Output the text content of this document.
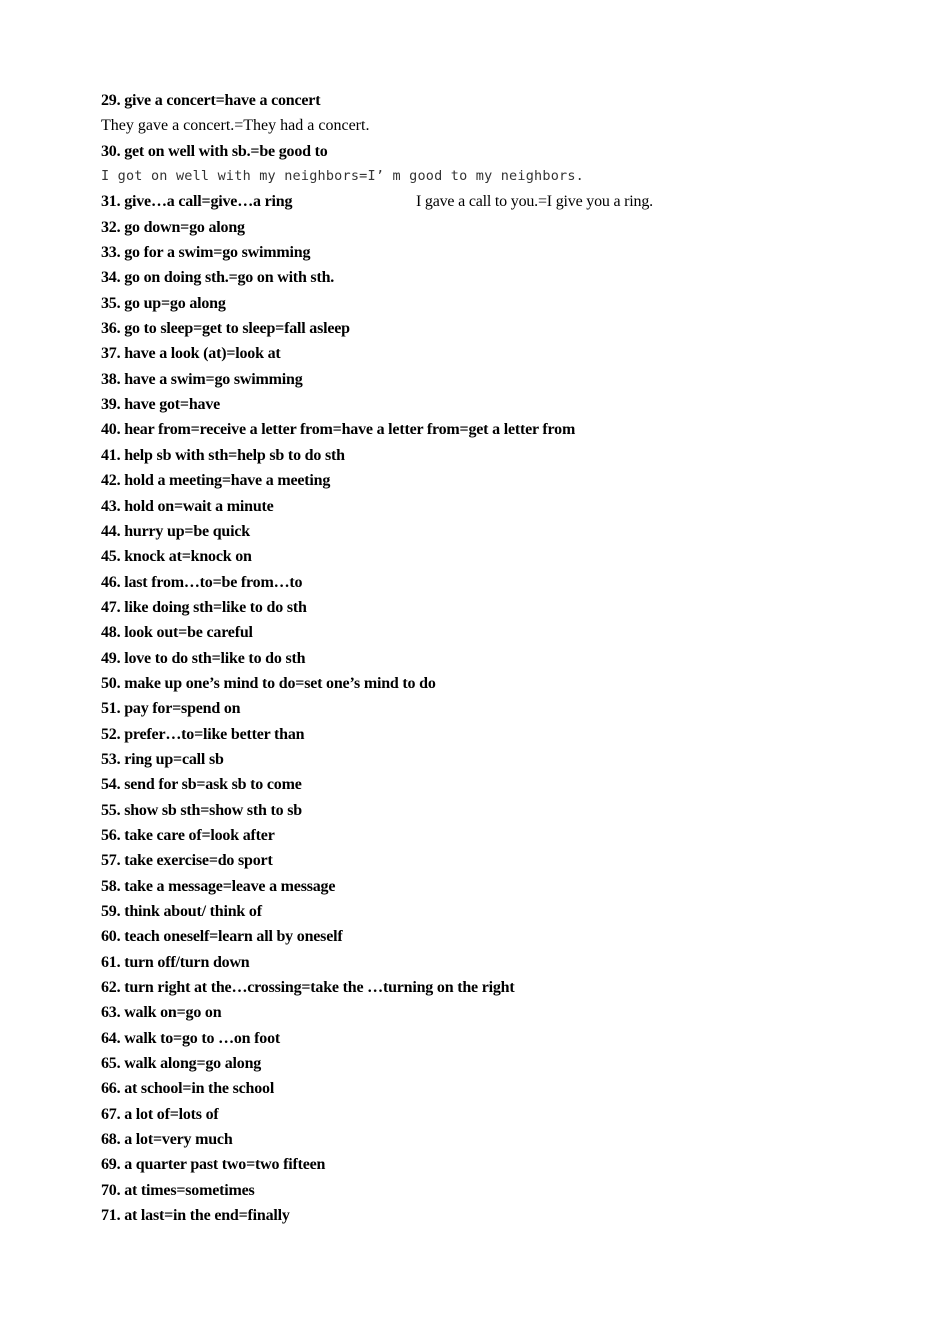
29. give a concert=have a concert
They gave a concert.=They had a concert.
30. get on well with sb.=be good to
I got on well with my neighbors=I’ m good to my neighbors.
31. give…a call=give…a ring	I gave a call to you.=I give you a ring.
32. go down=go along
33. go for a swim=go swimming
34. go on doing sth.=go on with sth.
35. go up=go along
36. go to sleep=get to sleep=fall asleep
37. have a look (at)=look at
38. have a swim=go swimming
39. have got=have
40. hear from=receive a letter from=have a letter from=get a letter from
41. help sb with sth=help sb to do sth
42. hold a meeting=have a meeting
43. hold on=wait a minute
44. hurry up=be quick
45. knock at=knock on
46. last from…to=be from…to
47. like doing sth=like to do sth
48. look out=be careful
49. love to do sth=like to do sth
50. make up one’s mind to do=set one’s mind to do
51. pay for=spend on
52. prefer…to=like better than
53. ring up=call sb
54. send for sb=ask sb to come
55. show sb sth=show sth to sb
56. take care of=look after
57. take exercise=do sport
58. take a message=leave a message
59. think about/ think of
60. teach oneself=learn all by oneself
61. turn off/turn down
62. turn right at the…crossing=take the …turning on the right
63. walk on=go on
64. walk to=go to …on foot
65. walk along=go along
66. at school=in the school
67. a lot of=lots of
68. a lot=very much
69. a quarter past two=two fifteen
70. at times=sometimes
71. at last=in the end=finally
